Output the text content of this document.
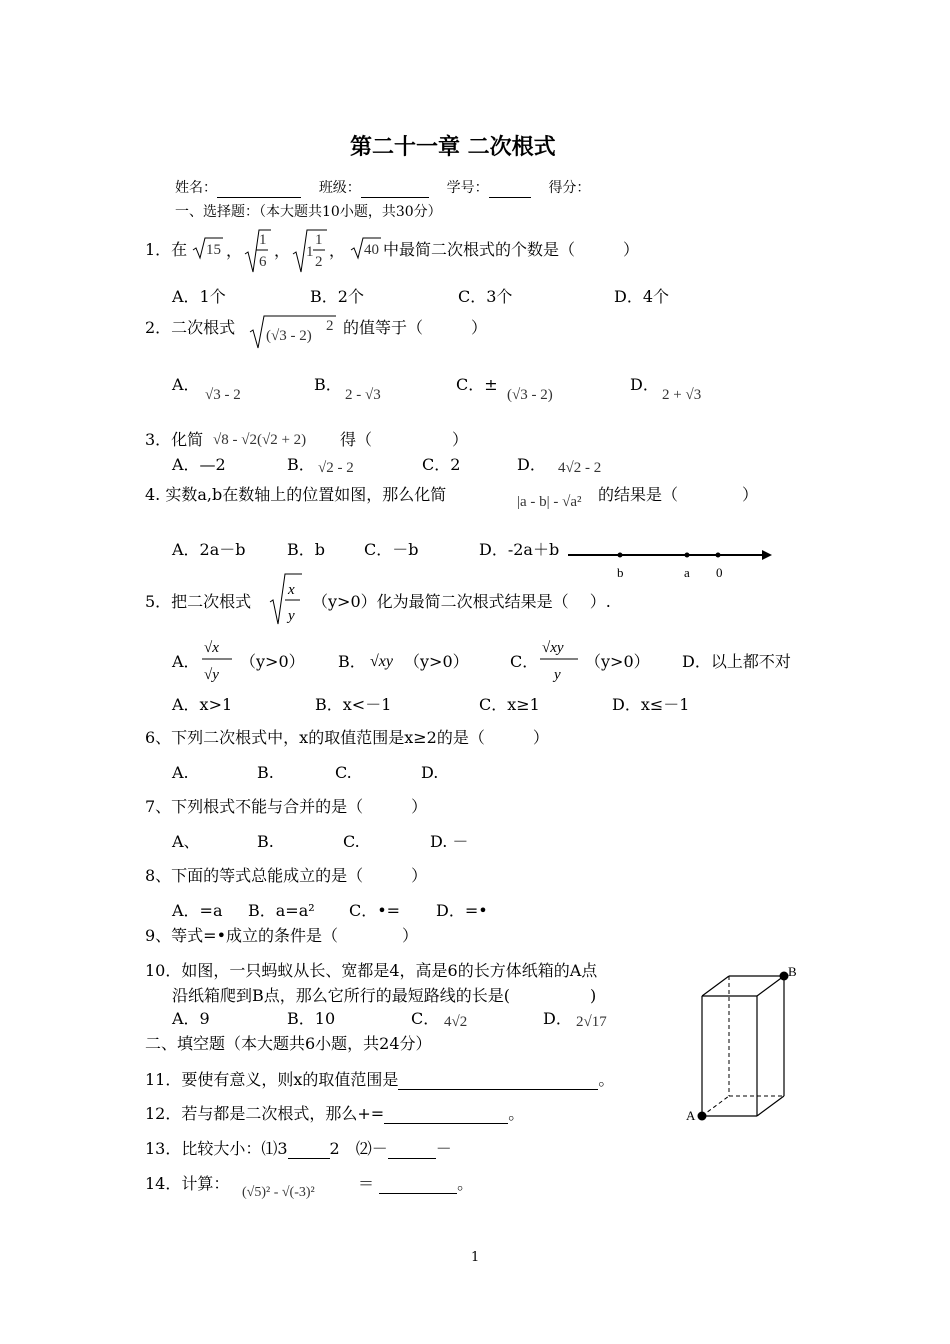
第二十一章 二次根式
姓名：	班级：	学号：	得分：
一、选择题：（本大题共10小题，共30分）
1．在 15 ，
1
6
， 1
1
2
， 40 中最简二次根式的个数是（　　　）
A．1个	B．2个	C．3个	D．4个
2．二次根式 (√3 - 2)
2 的值等于（　　　）
A．
√3 - 2
B．
2 - √3
C．±
(√3 - 2)
D．
2 + √3
3．化简 √8 - √2(√2 + 2) 得（　　　　　）
A．—2	B． √2 - 2	C．2	D． 4√2 - 2
4. 实数a,b在数轴上的位置如图，那么化简	|a - b| - √a² 的结果是（　　　　）
A．2a－b	B．b C．－b	D．-2a＋b
b	a 0
5．把二次根式
x
y
（y>0）化为最简二次根式结果是（　 ）.
A．
√x
√y
（y>0） B． √xy （y>0）	C．
√xy
y
（y>0） D．以上都不对
A．x>1	B．x<－1	C．x≥1	D．x≤－1
6、下列二次根式中，x的取值范围是x≥2的是（　　　）
A.	B.	C.	D.
7、下列根式不能与合并的是（　　　）
A、	B.	C.	D. －
8、下面的等式总能成立的是（　　　）
A．=a B．a=a² C．•= D．=•
9、等式=•成立的条件是（　　　　）
10．如图，一只蚂蚁从长、宽都是4，高是6的长方体纸箱的A点
沿纸箱爬到B点，那么它所行的最短路线的长是(　　　　　)
A．9	B．10	C． 4√2	D． 2√17
A
B
二、填空题（本大题共6小题，共24分）
11．要使有意义，则x的取值范围是	。
12．若与都是二次根式，那么+=	。
13．比较大小：⑴3	2　⑵－	－
14．计算： (√5)² - √(-3)²	＝	。
1
